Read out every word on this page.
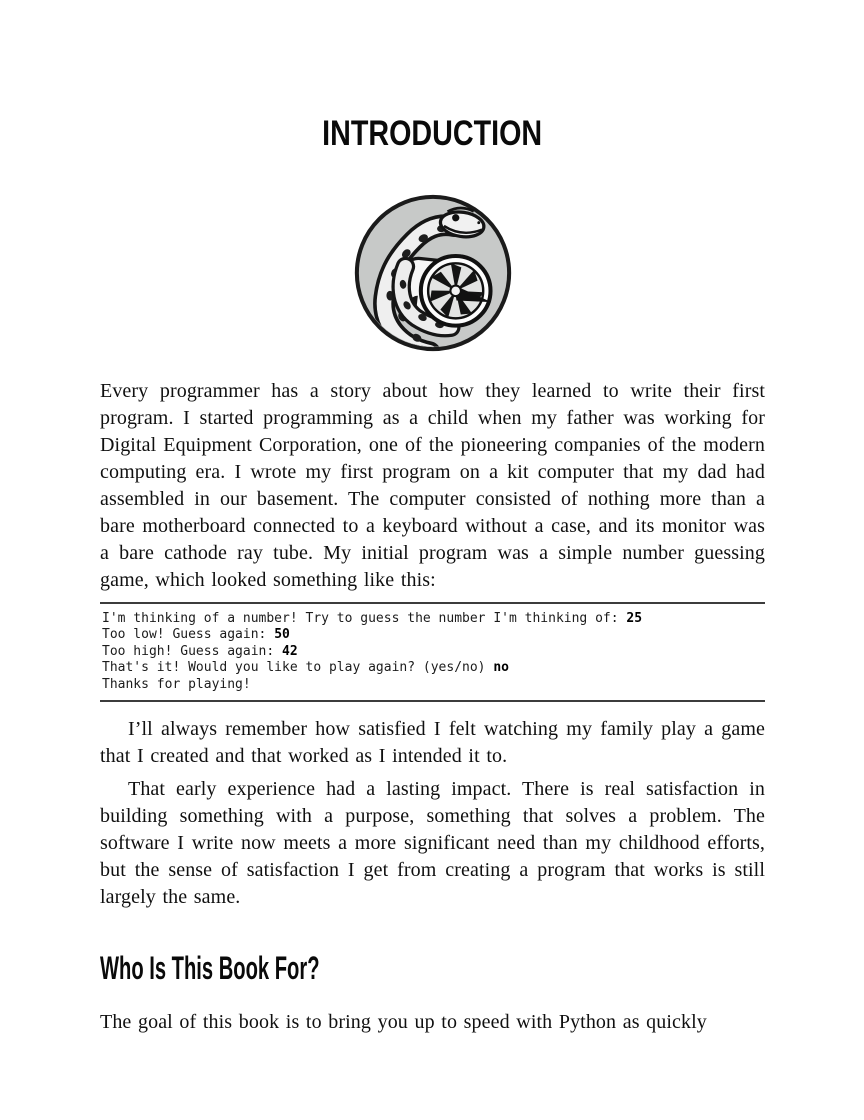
INTRODUCTION

Every programmer has a story about how they learned to write their first program. I started programming as a child when my father was working for Digital Equipment Corporation, one of the pioneering companies of the modern computing era. I wrote my first program on a kit computer that my dad had assembled in our basement. The computer consisted of nothing more than a bare motherboard connected to a keyboard without a case, and its monitor was a bare cathode ray tube. My initial program was a simple number guessing game, which looked something like this:

I'm thinking of a number! Try to guess the number I'm thinking of: 25
Too low! Guess again: 50
Too high! Guess again: 42
That's it! Would you like to play again? (yes/no) no
Thanks for playing!

I’ll always remember how satisfied I felt watching my family play a game that I created and that worked as I intended it to.

That early experience had a lasting impact. There is real satisfaction in building something with a purpose, something that solves a problem. The software I write now meets a more significant need than my childhood efforts, but the sense of satisfaction I get from creating a program that works is still largely the same.

Who Is This Book For?

The goal of this book is to bring you up to speed with Python as quickly
